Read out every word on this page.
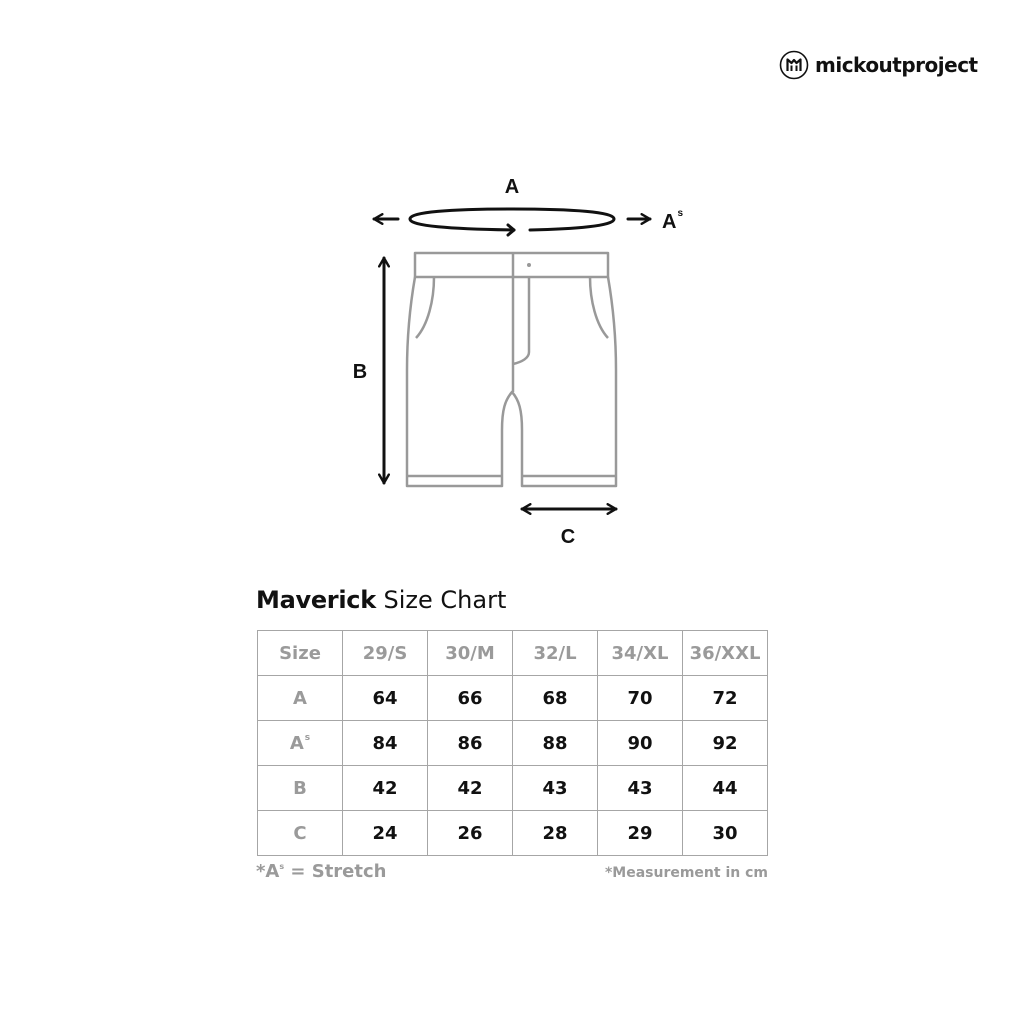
mickoutproject
A
$A^s$
B
C
Maverick Size Chart
Size	29/S	30/M	32/L	34/XL	36/XXL
A	64	66	68	70	72
$A^s$	84	86	88	90	92
B	42	42	43	43	44
C	24	26	28	29	30
$*A^s$ = Stretch	*Measurement in cm
